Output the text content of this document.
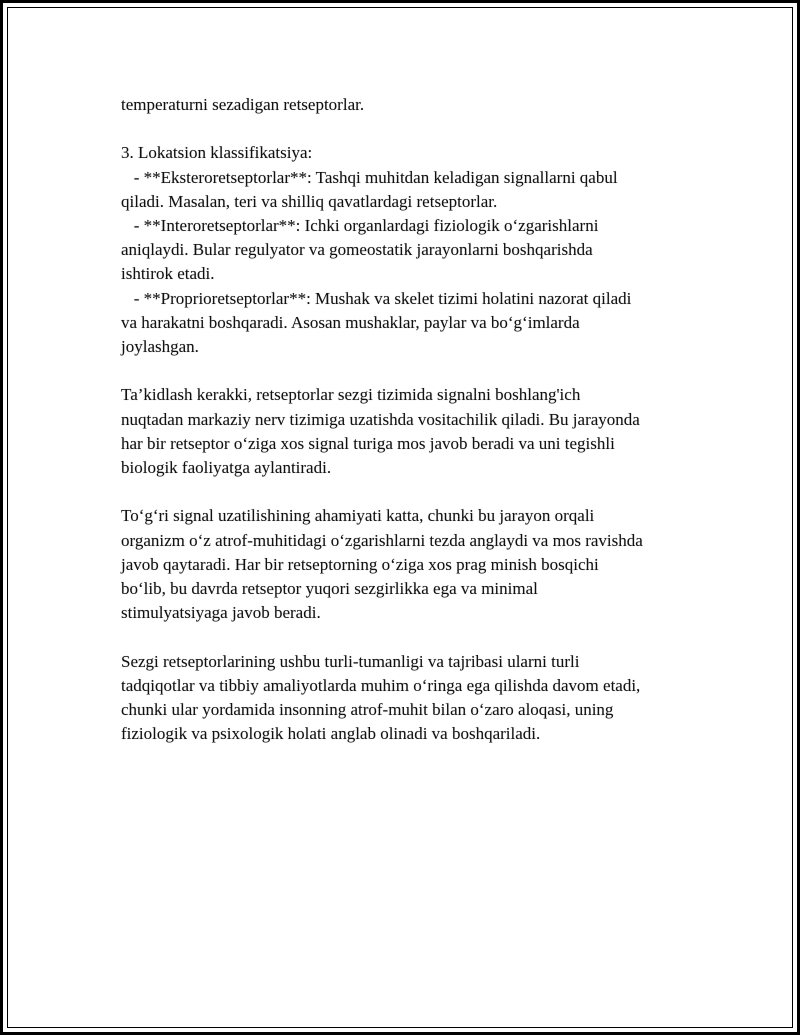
temperaturni sezadigan retseptorlar.
3. Lokatsion klassifikatsiya:
- **Eksteroretseptorlar**: Tashqi muhitdan keladigan signallarni qabul
qiladi. Masalan, teri va shilliq qavatlardagi retseptorlar.
- **Interoretseptorlar**: Ichki organlardagi fiziologik o‘zgarishlarni
aniqlaydi. Bular regulyator va gomeostatik jarayonlarni boshqarishda
ishtirok etadi.
- **Proprioretseptorlar**: Mushak va skelet tizimi holatini nazorat qiladi
va harakatni boshqaradi. Asosan mushaklar, paylar va bo‘g‘imlarda
joylashgan.
Ta’kidlash kerakki, retseptorlar sezgi tizimida signalni boshlang'ich
nuqtadan markaziy nerv tizimiga uzatishda vositachilik qiladi. Bu jarayonda
har bir retseptor o‘ziga xos signal turiga mos javob beradi va uni tegishli
biologik faoliyatga aylantiradi.
To‘g‘ri signal uzatilishining ahamiyati katta, chunki bu jarayon orqali
organizm o‘z atrof-muhitidagi o‘zgarishlarni tezda anglaydi va mos ravishda
javob qaytaradi. Har bir retseptorning o‘ziga xos prag minish bosqichi
bo‘lib, bu davrda retseptor yuqori sezgirlikka ega va minimal
stimulyatsiyaga javob beradi.
Sezgi retseptorlarining ushbu turli-tumanligi va tajribasi ularni turli
tadqiqotlar va tibbiy amaliyotlarda muhim o‘ringa ega qilishda davom etadi,
chunki ular yordamida insonning atrof-muhit bilan o‘zaro aloqasi, uning
fiziologik va psixologik holati anglab olinadi va boshqariladi.
